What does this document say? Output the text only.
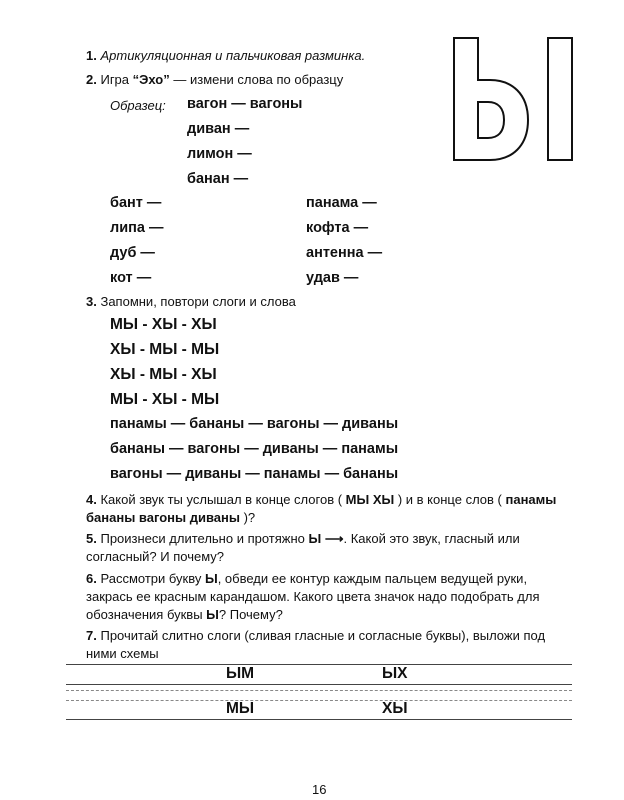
1. Артикуляционная и пальчиковая разминка.
2. Игра “Эхо” — измени слова по образцу
Образец: вагон — вагоны
диван —
лимон —
банан —
бант —
липа —
дуб —
кот —
панама —
кофта —
антенна —
удав —
3. Запомни, повтори слоги и слова
МЫ - ХЫ - ХЫ
ХЫ - МЫ - МЫ
ХЫ - МЫ - ХЫ
МЫ - ХЫ - МЫ
панамы — бананы — вагоны — диваны
бананы — вагоны — диваны — панамы
вагоны — диваны — панамы — бананы
4. Какой звук ты услышал в конце слогов ( МЫ ХЫ ) и в конце слов ( панамы
бананы вагоны диваны )?
5. Произнеси длительно и протяжно Ы ⟶. Какой это звук, гласный или
согласный? И почему?
6. Рассмотри букву Ы, обведи ее контур каждым пальцем ведущей руки,
закрась ее красным карандашом. Какого цвета значок надо подобрать для
обозначения буквы Ы? Почему?
7. Прочитай слитно слоги (сливая гласные и согласные буквы), выложи под
ними схемы
ЫМ	ЫХ
МЫ	ХЫ
16
